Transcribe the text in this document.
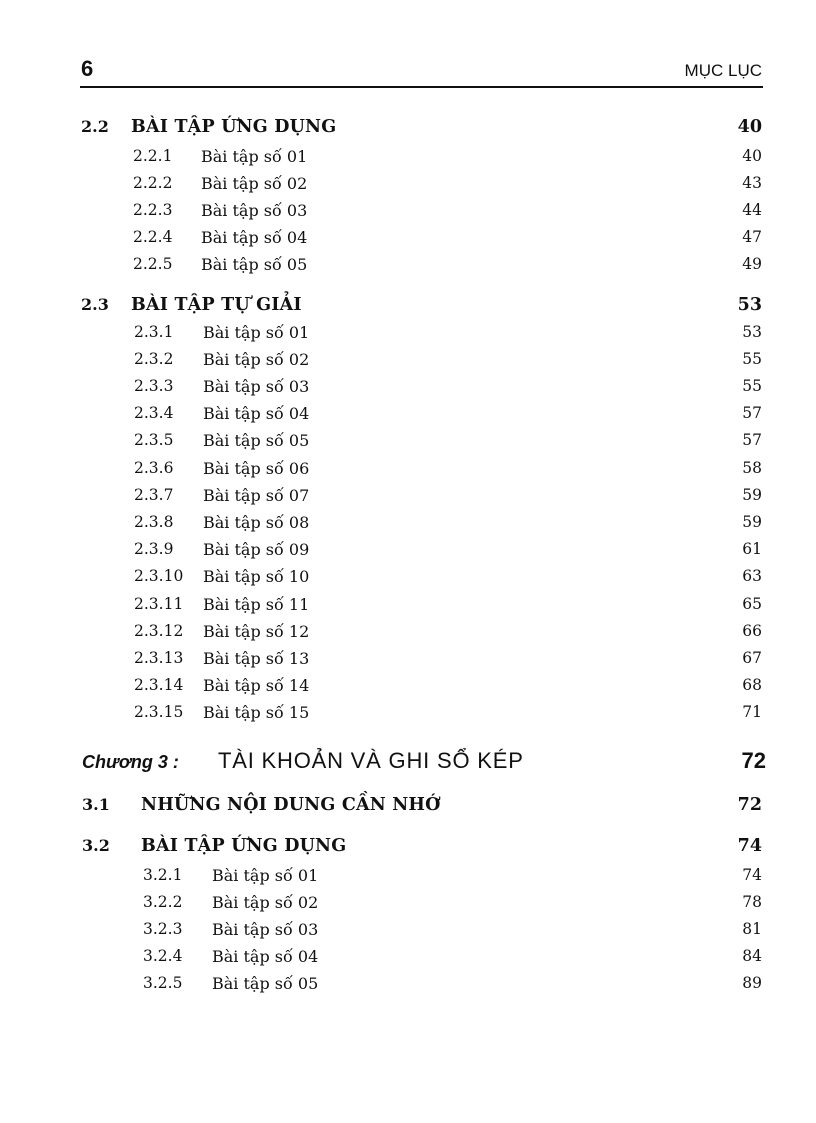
6	MỤC LỤC
2.2 BÀI TẬP ỨNG DỤNG	40
2.2.1 Bài tập số 01	40
2.2.2 Bài tập số 02	43
2.2.3 Bài tập số 03	44
2.2.4 Bài tập số 04	47
2.2.5 Bài tập số 05	49
2.3 BÀI TẬP TỰ GIẢI	53
2.3.1 Bài tập số 01	53
2.3.2 Bài tập số 02	55
2.3.3 Bài tập số 03	55
2.3.4 Bài tập số 04	57
2.3.5 Bài tập số 05	57
2.3.6 Bài tập số 06	58
2.3.7 Bài tập số 07	59
2.3.8 Bài tập số 08	59
2.3.9 Bài tập số 09	61
2.3.10 Bài tập số 10	63
2.3.11 Bài tập số 11	65
2.3.12 Bài tập số 12	66
2.3.13 Bài tập số 13	67
2.3.14 Bài tập số 14	68
2.3.15 Bài tập số 15	71
Chương 3 : TÀI KHOẢN VÀ GHI SỔ KÉP	72
3.1 NHỮNG NỘI DUNG CẦN NHỚ	72
3.2 BÀI TẬP ỨNG DỤNG	74
3.2.1 Bài tập số 01	74
3.2.2 Bài tập số 02	78
3.2.3 Bài tập số 03	81
3.2.4 Bài tập số 04	84
3.2.5 Bài tập số 05	89
